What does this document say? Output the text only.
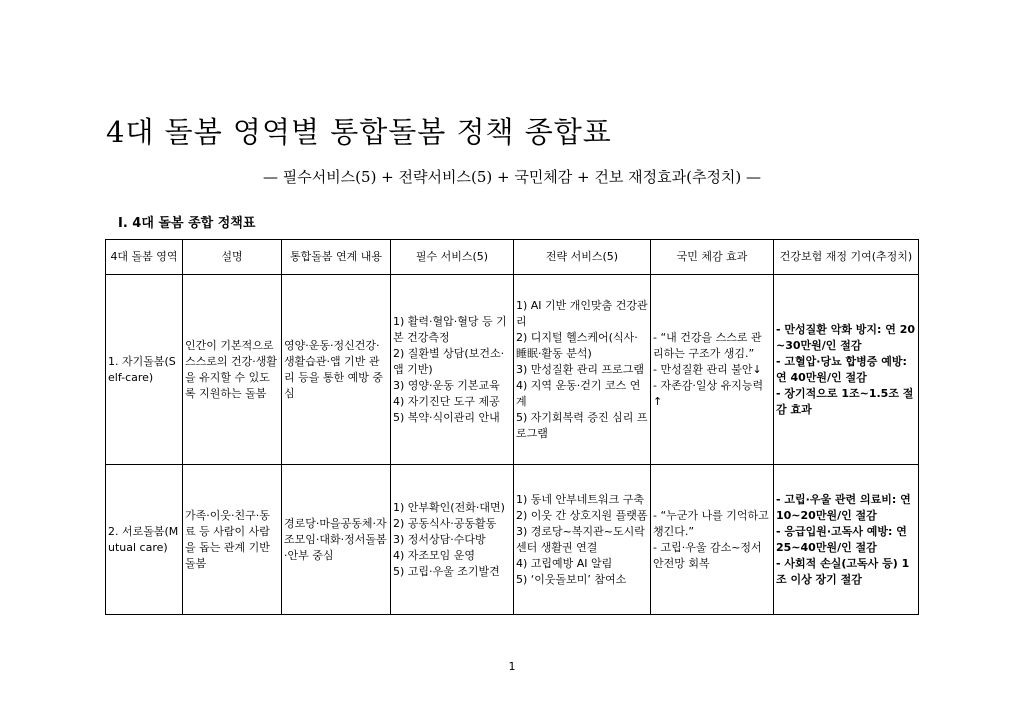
4대 돌봄 영역별 통합돌봄 정책 종합표
— 필수서비스(5) + 전략서비스(5) + 국민체감 + 건보 재정효과(추정치) —
Ⅰ. 4대 돌봄 종합 정책표
4대 돌봄 영역	설명	통합돌봄 연계 내용	필수 서비스(5)	전략 서비스(5)	국민 체감 효과	건강보험 재정 기여(추정치)
1. 자기돌봄(Self-care)	인간이 기본적으로 스스로의 건강·생활을 유지할 수 있도록 지원하는 돌봄	영양·운동·정신건강·생활습관·앱 기반 관리 등을 통한 예방 중심	1) 활력·혈압·혈당 등 기본 건강측정
2) 질환별 상담(보건소·앱 기반)
3) 영양·운동 기본교육
4) 자기진단 도구 제공
5) 복약·식이관리 안내	1) AI 기반 개인맞춤 건강관리
2) 디지털 헬스케어(식사·睡眠·활동 분석)
3) 만성질환 관리 프로그램
4) 지역 운동·걷기 코스 연계
5) 자기회복력 증진 심리 프로그램	- “내 건강을 스스로 관리하는 구조가 생김.”
- 만성질환 관리 불안↓
- 자존감·일상 유지능력↑	- 만성질환 악화 방지: 연 20~30만원/인 절감
- 고혈압·당뇨 합병증 예방: 연 40만원/인 절감
- 장기적으로 1조~1.5조 절감 효과

2. 서로돌봄(Mutual care)	가족·이웃·친구·동료 등 사람이 사람을 돕는 관계 기반 돌봄	경로당·마을공동체·자조모임·대화·정서돌봄·안부 중심	1) 안부확인(전화·대면)
2) 공동식사·공동활동
3) 정서상담·수다방
4) 자조모임 운영
5) 고립·우울 조기발견	1) 동네 안부네트워크 구축
2) 이웃 간 상호지원 플랫폼
3) 경로당~복지관~도시락센터 생활권 연결
4) 고립예방 AI 알림
5) ‘이웃돌보미’ 참여소	- “누군가 나를 기억하고 챙긴다.”
- 고립·우울 감소~정서 안전망 회복	- 고립·우울 관련 의료비: 연 10~20만원/인 절감
- 응급입원·고독사 예방: 연 25~40만원/인 절감
- 사회적 손실(고독사 등) 1조 이상 장기 절감
1
